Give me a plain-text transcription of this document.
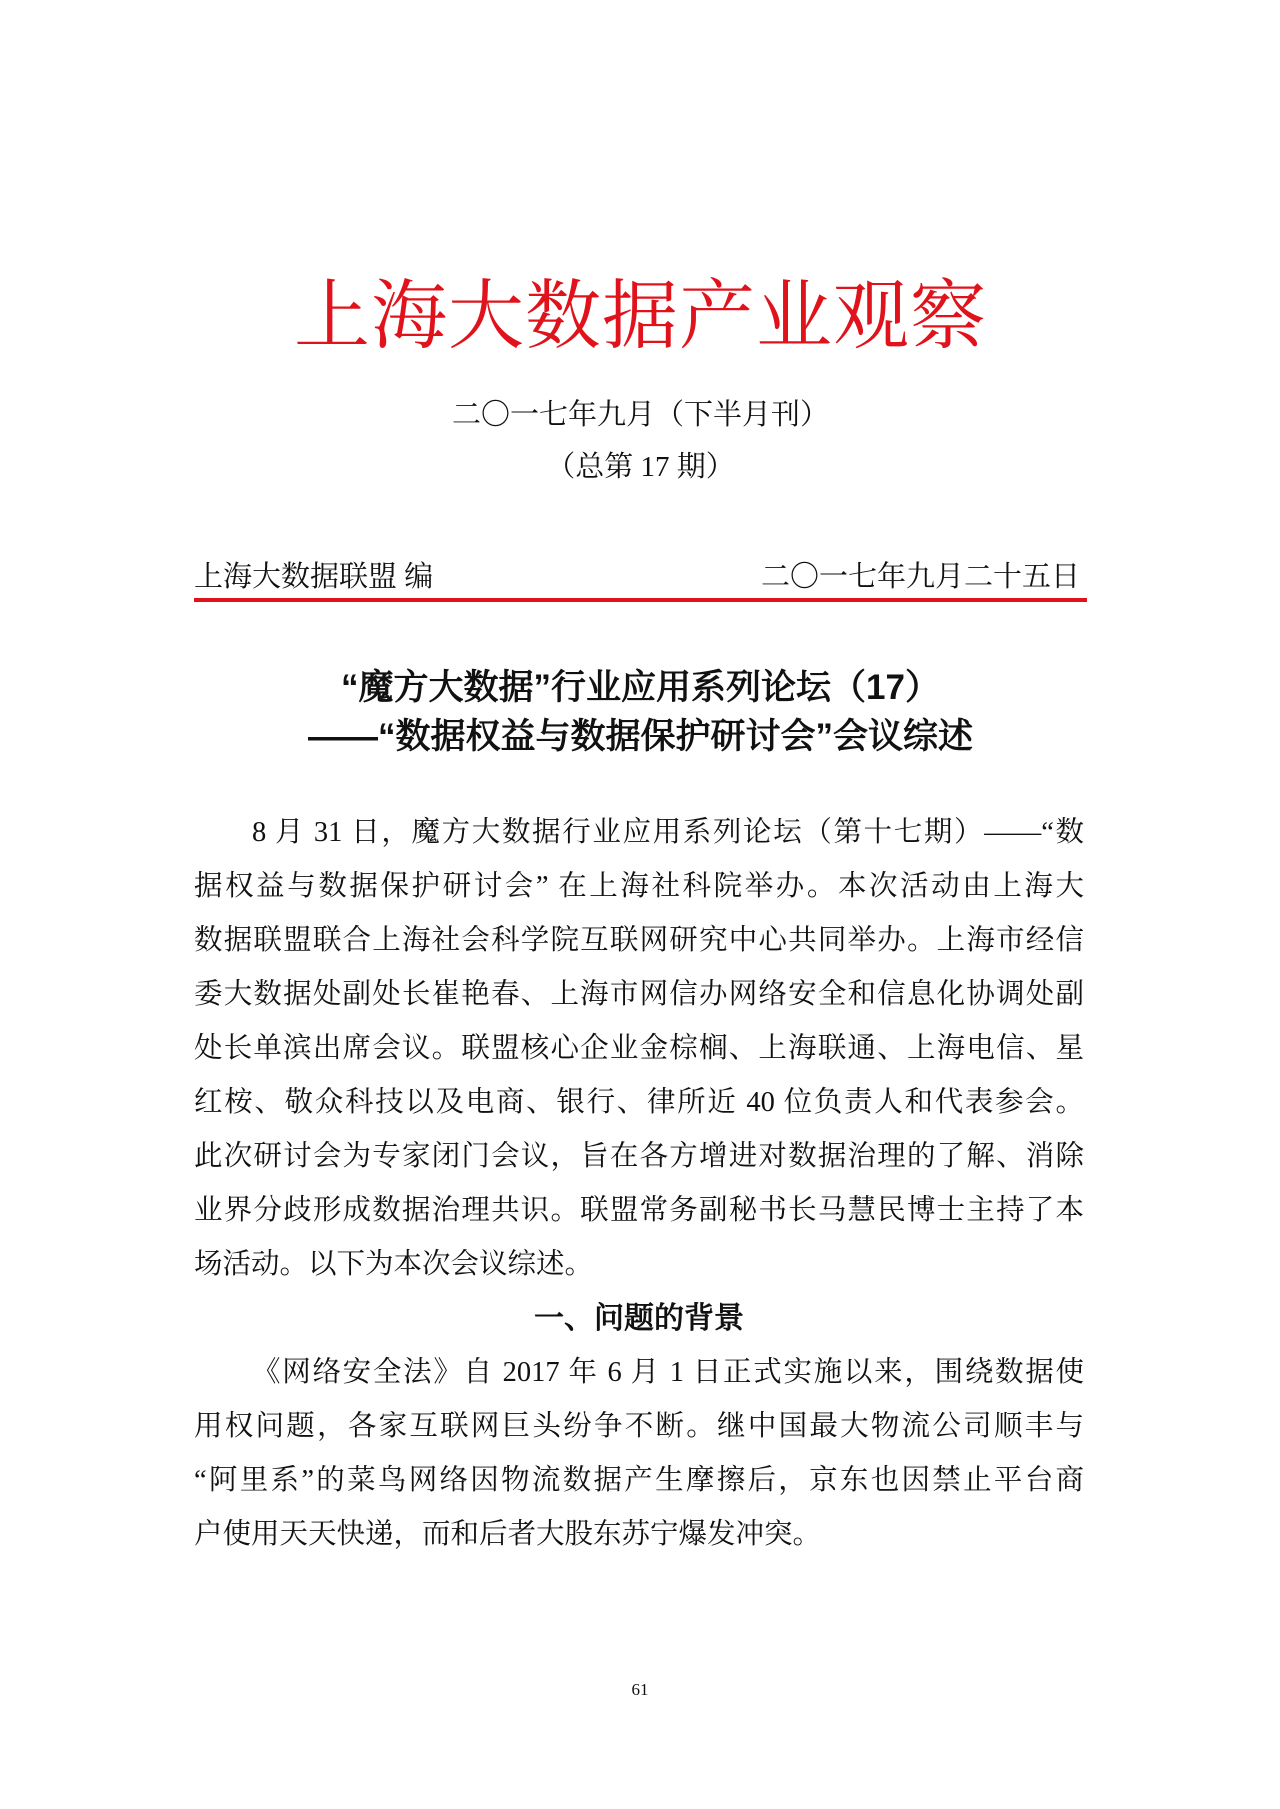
上海大数据产业观察
二〇一七年九月（下半月刊）
（总第 17 期）
上海大数据联盟 编	二〇一七年九月二十五日
“魔方大数据”行业应用系列论坛（17）
——“数据权益与数据保护研讨会”会议综述
8 月 31 日，魔方大数据行业应用系列论坛（第十七期）——“数
据权益与数据保护研讨会” 在上海社科院举办。本次活动由上海大
数据联盟联合上海社会科学院互联网研究中心共同举办。上海市经信
委大数据处副处长崔艳春、上海市网信办网络安全和信息化协调处副
处长单滨出席会议。联盟核心企业金棕榈、上海联通、上海电信、星
红桉、敬众科技以及电商、银行、律所近 40 位负责人和代表参会。
此次研讨会为专家闭门会议，旨在各方增进对数据治理的了解、消除
业界分歧形成数据治理共识。联盟常务副秘书长马慧民博士主持了本
场活动。以下为本次会议综述。
一、问题的背景
《网络安全法》自 2017 年 6 月 1 日正式实施以来，围绕数据使
用权问题，各家互联网巨头纷争不断。继中国最大物流公司顺丰与
“阿里系”的菜鸟网络因物流数据产生摩擦后，京东也因禁止平台商
户使用天天快递，而和后者大股东苏宁爆发冲突。
61
